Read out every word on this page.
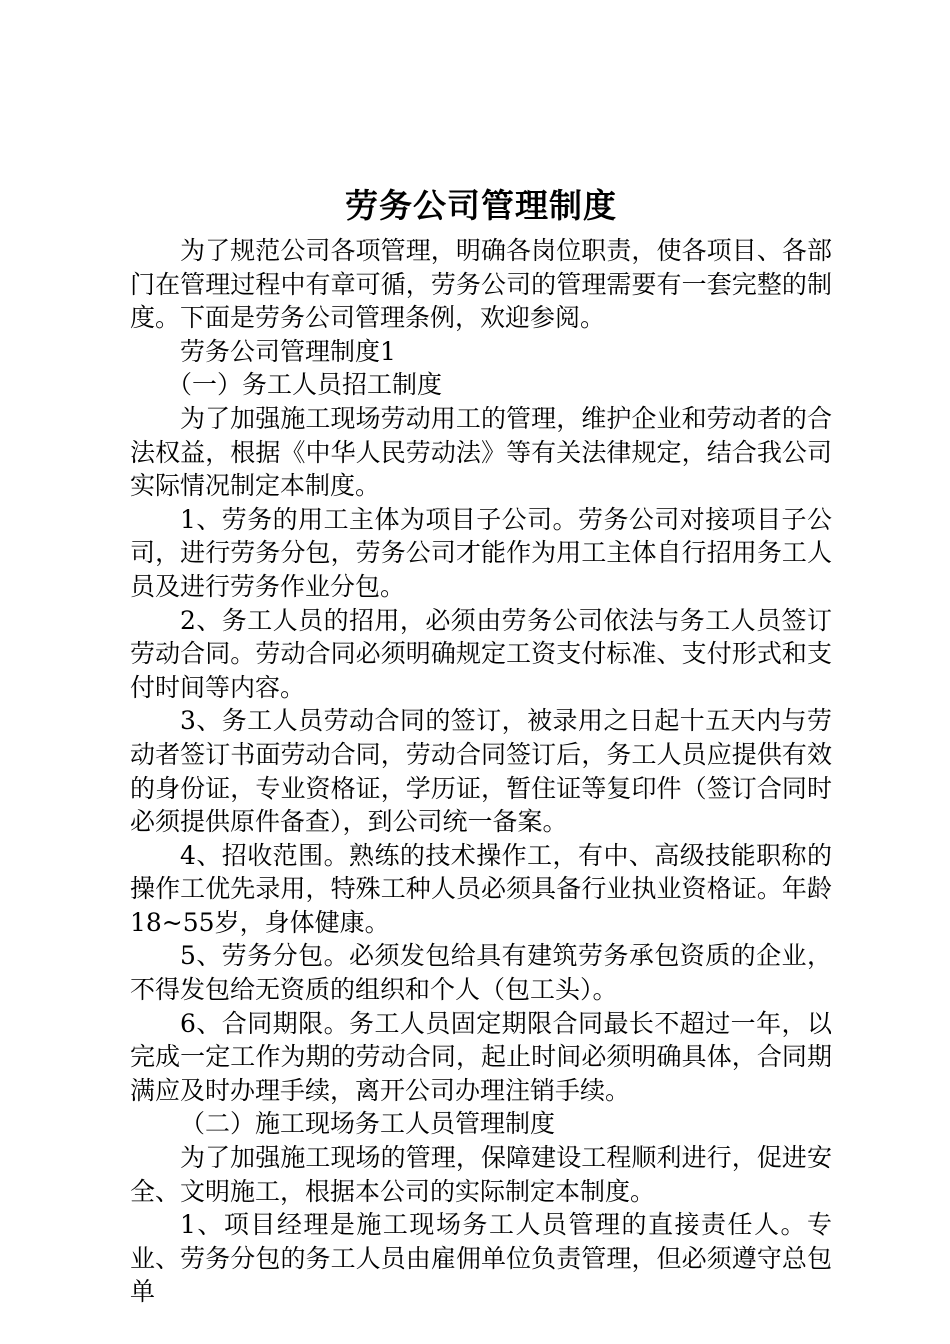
劳务公司管理制度

为了规范公司各项管理，明确各岗位职责，使各项目、各部门在管理过程中有章可循，劳务公司的管理需要有一套完整的制度。下面是劳务公司管理条例，欢迎参阅。

劳务公司管理制度1

（一）务工人员招工制度

为了加强施工现场劳动用工的管理，维护企业和劳动者的合法权益，根据《中华人民劳动法》等有关法律规定，结合我公司实际情况制定本制度。

1、劳务的用工主体为项目子公司。劳务公司对接项目子公司，进行劳务分包，劳务公司才能作为用工主体自行招用务工人员及进行劳务作业分包。

2、务工人员的招用，必须由劳务公司依法与务工人员签订劳动合同。劳动合同必须明确规定工资支付标准、支付形式和支付时间等内容。

3、务工人员劳动合同的签订，被录用之日起十五天内与劳动者签订书面劳动合同，劳动合同签订后，务工人员应提供有效的身份证，专业资格证，学历证，暂住证等复印件（签订合同时必须提供原件备查），到公司统一备案。

4、招收范围。熟练的技术操作工，有中、高级技能职称的操作工优先录用，特殊工种人员必须具备行业执业资格证。年龄18~55岁，身体健康。

5、劳务分包。必须发包给具有建筑劳务承包资质的企业，不得发包给无资质的组织和个人（包工头）。

6、合同期限。务工人员固定期限合同最长不超过一年，以完成一定工作为期的劳动合同，起止时间必须明确具体，合同期满应及时办理手续，离开公司办理注销手续。

（二）施工现场务工人员管理制度

为了加强施工现场的管理，保障建设工程顺利进行，促进安全、文明施工，根据本公司的实际制定本制度。

1、项目经理是施工现场务工人员管理的直接责任人。专业、劳务分包的务工人员由雇佣单位负责管理，但必须遵守总包单
